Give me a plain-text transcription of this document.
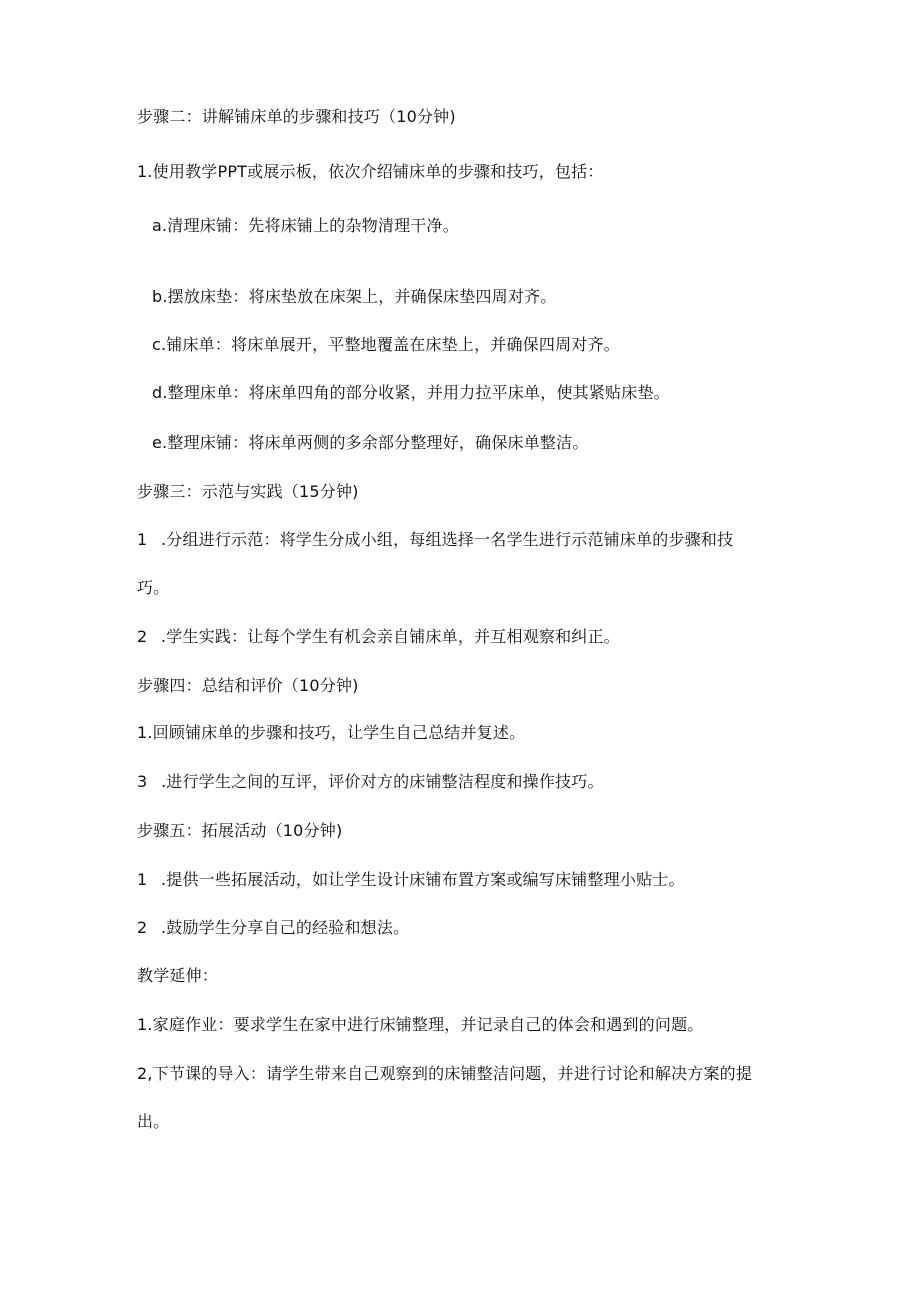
步骤二：讲解铺床单的步骤和技巧（10分钟)
1.使用教学PPT或展示板，依次介绍铺床单的步骤和技巧，包括：
a.清理床铺：先将床铺上的杂物清理干净。
b.摆放床垫：将床垫放在床架上，并确保床垫四周对齐。
c.铺床单：将床单展开，平整地覆盖在床垫上，并确保四周对齐。
d.整理床单：将床单四角的部分收紧，并用力拉平床单，使其紧贴床垫。
e.整理床铺：将床单两侧的多余部分整理好，确保床单整洁。
步骤三：示范与实践（15分钟)
1 .分组进行示范：将学生分成小组，每组选择一名学生进行示范铺床单的步骤和技
巧。
2 .学生实践：让每个学生有机会亲自铺床单，并互相观察和纠正。
步骤四：总结和评价（10分钟)
1.回顾铺床单的步骤和技巧，让学生自己总结并复述。
3 .进行学生之间的互评，评价对方的床铺整洁程度和操作技巧。
步骤五：拓展活动（10分钟)
1 .提供一些拓展活动，如让学生设计床铺布置方案或编写床铺整理小贴士。
2 .鼓励学生分享自己的经验和想法。
教学延伸：
1.家庭作业：要求学生在家中进行床铺整理，并记录自己的体会和遇到的问题。
2,下节课的导入：请学生带来自己观察到的床铺整洁问题，并进行讨论和解决方案的提
出。
